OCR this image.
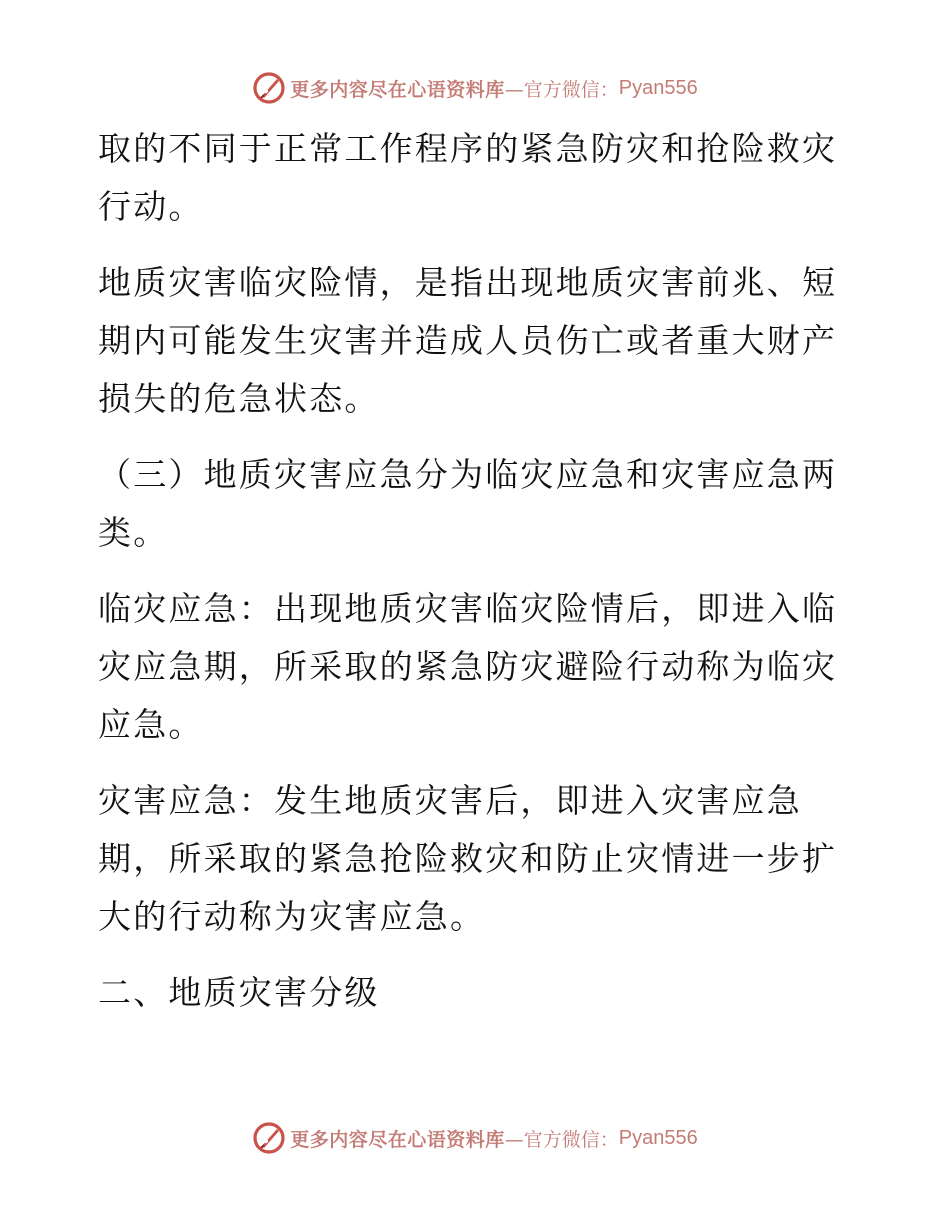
更多内容尽在心语资料库 —官方微信： Pyan556

取的不同于正常工作程序的紧急防灾和抢险救灾行动。

地质灾害临灾险情，是指出现地质灾害前兆、短期内可能发生灾害并造成人员伤亡或者重大财产损失的危急状态。

（三）地质灾害应急分为临灾应急和灾害应急两类。

临灾应急：出现地质灾害临灾险情后，即进入临灾应急期，所采取的紧急防灾避险行动称为临灾应急。

灾害应急：发生地质灾害后，即进入灾害应急期，所采取的紧急抢险救灾和防止灾情进一步扩大的行动称为灾害应急。

二、地质灾害分级

更多内容尽在心语资料库 —官方微信： Pyan556
